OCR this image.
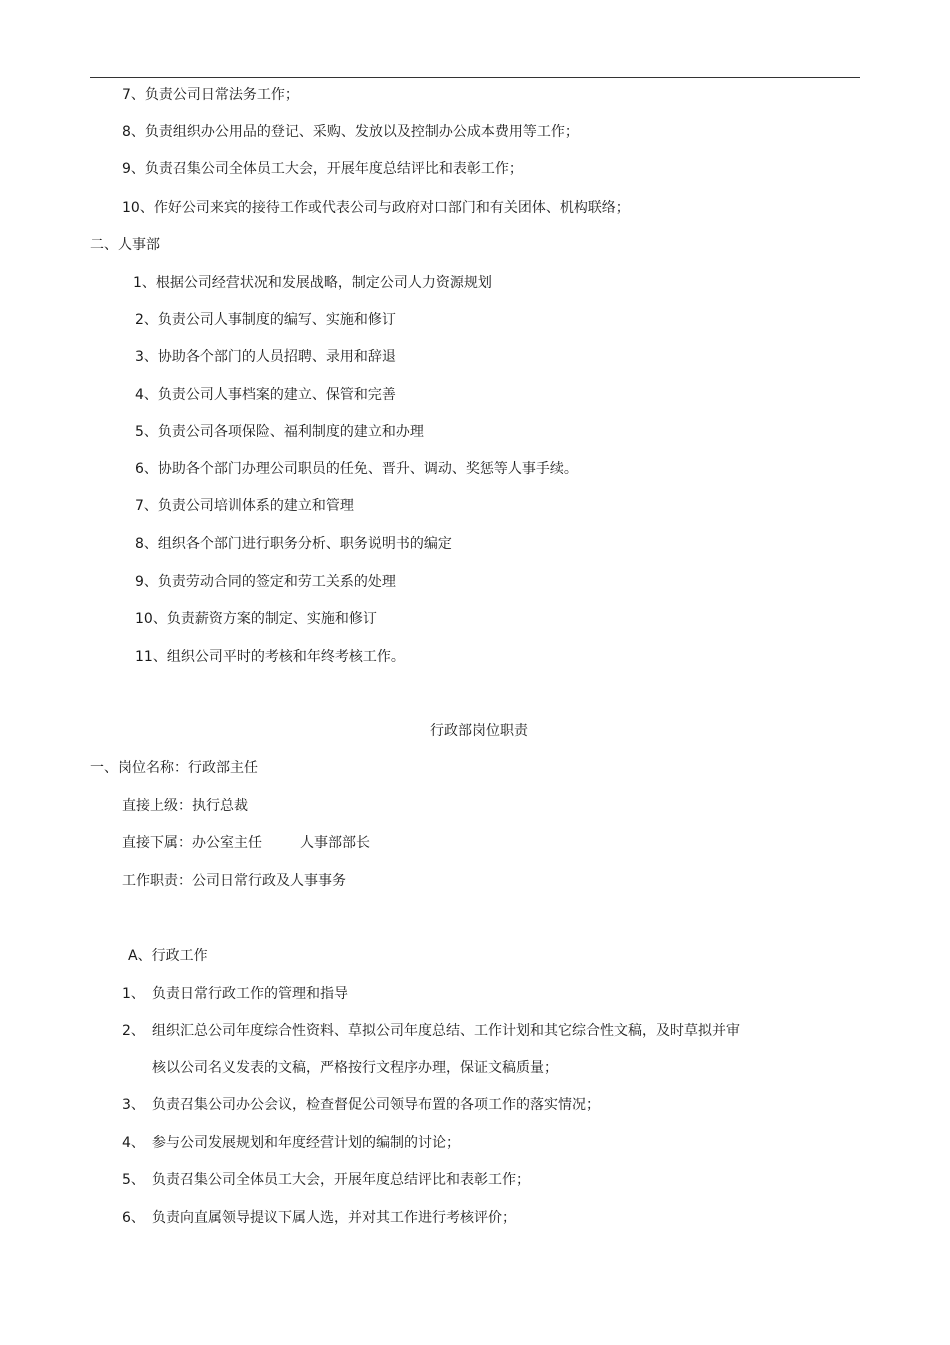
7、负责公司日常法务工作；
8、负责组织办公用品的登记、采购、发放以及控制办公成本费用等工作；
9、负责召集公司全体员工大会，开展年度总结评比和表彰工作；
10、作好公司来宾的接待工作或代表公司与政府对口部门和有关团体、机构联络；
二、人事部
1、根据公司经营状况和发展战略，制定公司人力资源规划
2、负责公司人事制度的编写、实施和修订
3、协助各个部门的人员招聘、录用和辞退
4、负责公司人事档案的建立、保管和完善
5、负责公司各项保险、福利制度的建立和办理
6、协助各个部门办理公司职员的任免、晋升、调动、奖惩等人事手续。
7、负责公司培训体系的建立和管理
8、组织各个部门进行职务分析、职务说明书的编定
9、负责劳动合同的签定和劳工关系的处理
10、负责薪资方案的制定、实施和修订
11、组织公司平时的考核和年终考核工作。
行政部岗位职责
一、岗位名称：行政部主任
直接上级：执行总裁
直接下属：办公室主任	人事部部长
工作职责：公司日常行政及人事事务
A、行政工作
1、 负责日常行政工作的管理和指导
2、 组织汇总公司年度综合性资料、草拟公司年度总结、工作计划和其它综合性文稿，及时草拟并审
核以公司名义发表的文稿，严格按行文程序办理，保证文稿质量；
3、 负责召集公司办公会议，检查督促公司领导布置的各项工作的落实情况；
4、 参与公司发展规划和年度经营计划的编制的讨论；
5、 负责召集公司全体员工大会，开展年度总结评比和表彰工作；
6、 负责向直属领导提议下属人选，并对其工作进行考核评价；
